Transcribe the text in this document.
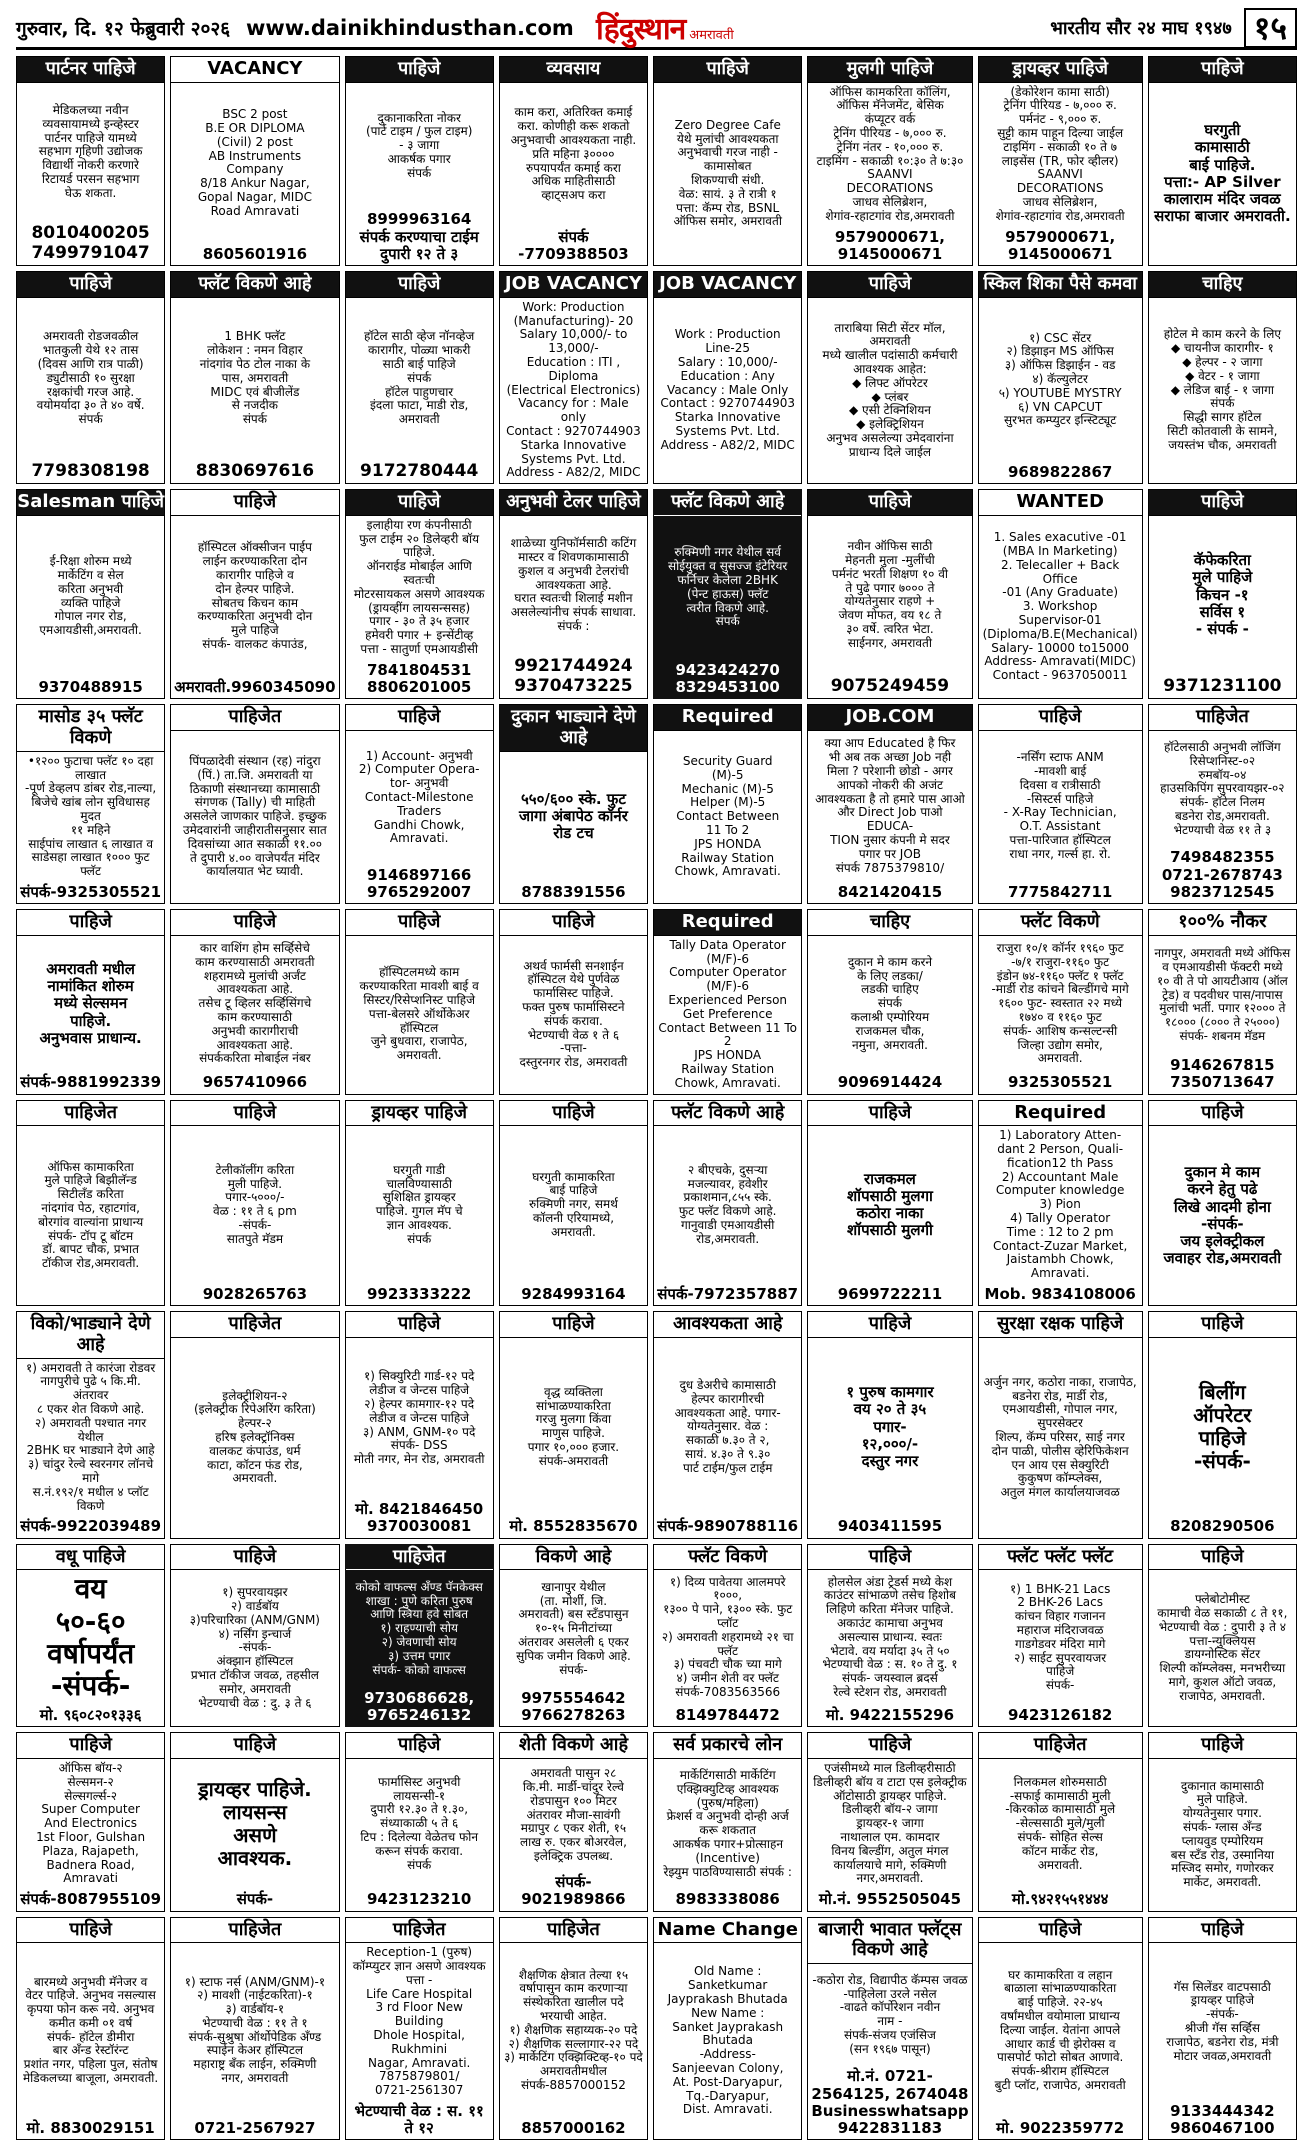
गुरुवार, दि. १२ फेब्रुवारी २०२६ www.dainikhindusthan.com हिंदुस्थान अमरावती	भारतीय सौर २४ माघ १९४७ १५
पार्टनर पाहिजे
मेडिकलच्या नवीन
व्यवसायामध्ये इन्व्हेस्टर
पार्टनर पाहिजे यामध्ये
सहभाग गृहिणी उद्योजक
विद्यार्थी नोकरी करणारे
रिटायर्ड परसन सहभाग
घेऊ शकता.
8010400205
7499791047
VACANCY
BSC 2 post
B.E OR DIPLOMA
(Civil) 2 post
AB Instruments
Company
8/18 Ankur Nagar,
Gopal Nagar, MIDC
Road Amravati
8605601916
पाहिजे
दुकानाकरिता नोकर
(पार्ट टाइम / फुल टाइम)
- ३ जागा
आकर्षक पगार
संपर्क
8999963164
संपर्क करण्याचा टाईम
दुपारी १२ ते ३
व्यवसाय
काम करा, अतिरिक्त कमाई
करा. कोणीही करू शकतो
अनुभवाची आवश्यकता नाही.
प्रति महिना ३००००
रुपयापर्यंत कमाई करा
अधिक माहितीसाठी
व्हाट्सअप करा
संपर्क -7709388503
पाहिजे
Zero Degree Cafe
येथे मुलांची आवश्यकता
अनुभवाची गरज नाही -
कामासोबत
शिकण्याची संधी.
वेळ: सायं. ३ ते रात्री १
पत्ता: कॅम्प रोड, BSNL
ऑफिस समोर, अमरावती
मुलगी पाहिजे
ऑफिस कामकरिता कॉलिंग,
ऑफिस मॅनेजमेंट, बेसिक
कंप्यूटर वर्क
ट्रेनिंग पीरियड - ७,००० रु.
ट्रेनिंग नंतर - १०,००० रु.
टाइमिंग - सकाळी १०:३० ते ७:३०
SAANVI
DECORATIONS
जाधव सेलिब्रेशन,
शेगांव-रहाटगांव रोड,अमरावती
9579000671, 9145000671
ड्रायव्हर पाहिजे
(डेकोरेशन कामा साठी)
ट्रेनिंग पीरियड - ७,००० रु.
पर्मनंट - ९,००० रु.
सुट्टी काम पाहून दिल्या जाईल
टाइमिंग - सकाळी १० ते ७
लाइसेंस (TR, फोर व्हीलर)
SAANVI
DECORATIONS
जाधव सेलिब्रेशन,
शेगांव-रहाटगांव रोड,अमरावती
9579000671, 9145000671
पाहिजे
घरगुती
कामासाठी
बाई पाहिजे.
पत्ता:- AP Silver
कालाराम मंदिर जवळ
सराफा बाजार अमरावती.
पाहिजे
अमरावती रोडजवळील
भातकुली येथे १२ तास
(दिवस आणि रात्र पाळी)
ड्युटीसाठी १० सुरक्षा
रक्षकांची गरज आहे.
वयोमर्यादा ३० ते ४० वर्षे.
संपर्क
7798308198
फ्लॅट विकणे आहे
1 BHK फ्लॅट
लोकेशन : नमन विहार
नांदगांव पेठ टोल नाका के
पास, अमरावती
MIDC एवं बीजीलेंड
से नजदीक
संपर्क
8830697616
पाहिजे
हॉटेल साठी व्हेज नॉनव्हेज
कारागीर, पोळ्या भाकरी
साठी बाई पाहिजे
संपर्क
हॉटेल पाहुणचार
इंदला फाटा, माडी रोड,
अमरावती
9172780444
JOB VACANCY
Work: Production
(Manufacturing)- 20
Salary 10,000/- to 13,000/-
Education : ITI , Diploma
(Electrical Electronics)
Vacancy for : Male only
Contact : 9270744903
Starka Innovative
Systems Pvt. Ltd.
Address - A82/2, MIDC
JOB VACANCY
Work : Production
Line-25
Salary : 10,000/-
Education : Any
Vacancy : Male Only
Contact : 9270744903
Starka Innovative
Systems Pvt. Ltd.
Address - A82/2, MIDC
पाहिजे
ताराबिया सिटी सेंटर मॉल, अमरावती
मध्ये खालील पदांसाठी कर्मचारी
आवश्यक आहेत:
◆ लिफ्ट ऑपरेटर
◆ प्लंबर
◆ एसी टेक्निशियन
◆ इलेक्ट्रिशियन
अनुभव असलेल्या उमेदवारांना
प्राधान्य दिले जाईल
स्किल शिका पैसे कमवा
१) CSC सेंटर
२) डिझाइन MS ऑफिस
३) ऑफिस डिझाईन - वड
४) कॅल्युलेटर
५) YOUTUBE MYSTRY
६) VN CAPCUT
सुरभत कम्प्युटर इन्स्टिट्यूट
9689822867
चाहिए
होटेल मे काम करने के लिए
◆ चायनीज कारागीर- १
◆ हेल्पर - २ जागा
◆ वेटर - १ जागा
◆ लेडिज बाई - १ जागा
संपर्क
सिद्धी सागर हॉटेल
सिटी कोतवाली के सामने,
जयस्तंभ चौक, अमरावती
Salesman पाहिजे
ई-रिक्षा शोरुम मध्ये
मार्केटिंग व सेल
करिता अनुभवी
व्यक्ति पाहिजे
गोपाल नगर रोड,
एमआयडीसी,अमरावती.
9370488915
पाहिजे
हॉस्पिटल ऑक्सीजन पाईप
लाईन करण्याकरिता दोन
कारागीर पाहिजे व
दोन हेल्पर पाहिजे.
सोबतच किचन काम
करण्याकरिता अनुभवी दोन
मुले पाहिजे
संपर्क- वालकट कंपाउंड,
अमरावती.9960345090
पाहिजे
इलाहीया रण कंपनीसाठी
फुल टाईम २० डिलेव्हरी बॉय पाहिजे.
ऑनराईड मोबाईल आणि स्वतःची
मोटरसायकल असणे आवश्यक
(ड्रायव्हींग लायसन्ससह)
पगार - ३० ते ३५ हजार
हमेवरी पगार + इन्सेंटीव्ह
पत्ता - सातुर्णा एमआयडीसी
7841804531
8806201005
अनुभवी टेलर पाहिजे
शाळेच्या युनिफॉर्मसाठी कटिंग
मास्टर व शिवणकामासाठी
कुशल व अनुभवी टेलरांची
आवश्यकता आहे.
घरात स्वतःची शिलाई मशीन
असलेल्यांनीच संपर्क साधावा.
संपर्क :
9921744924
9370473225
फ्लॅट विकणे आहे
रुक्मिणी नगर येथील सर्व
सोईयुक्त व सुसज्ज इंटेरियर
फर्निचर केलेला 2BHK
(पेन्ट हाऊस) फ्लॅट
त्वरीत विकणे आहे.
संपर्क
9423424270
8329453100
पाहिजे
नवीन ऑफिस साठी
मेहनती मुला -मुलींची
पर्मनंट भरती शिक्षण १० वी
ते पुढे पगार ७००० ते
योग्यतेनुसार राहणे +
जेवण मोफत, वय १८ ते
३० वर्षे. त्वरित भेटा.
साईनगर, अमरावती
9075249459
WANTED
1. Sales exacutive -01
(MBA In Marketing)
2. Telecaller + Back Office
-01 (Any Graduate)
3. Workshop
Supervisor-01
(Diploma/B.E(Mechanical)
Salary- 10000 to15000
Address- Amravati(MIDC)
Contact - 9637050011
पाहिजे
कॅफेकरिता
मुले पाहिजे
किचन -१
सर्विस १
- संपर्क -
9371231100
मासोड ३५ फ्लॅट विकणे
•१२०० फुटाचा फ्लॅट १० दहा
लाखात
-पूर्ण डेव्हलप डांबर रोड,नाल्या,
बिजेचे खांब लोन सुविधासह मुदत
११ महिने
साईपांच लाखात ६ लाखात व
साडेसहा लाखात १००० फुट
फ्लॅट
संपर्क-9325305521
पाहिजेत
पिंपळादेवी संस्थान (रह) नांदुरा
(पिं.) ता.जि. अमरावती या
ठिकाणी संस्थानच्या कामासाठी
संगणक (Tally) ची माहिती
असलेले जाणकार पाहिजे. इच्छुक
उमेदवारांनी जाहीरातीसनुसार सात
दिवसांच्या आत सकाळी ११.००
ते दुपारी ४.०० वाजेपर्यंत मंदिर
कार्यालयात भेट घ्यावी.
पाहिजे
1) Account- अनुभवी
2) Computer Opera-
tor- अनुभवी
Contact-Milestone
Traders
Gandhi Chowk,
Amravati.
9146897166
9765292007
दुकान भाड्याने देणे आहे
५५०/६०० स्के. फुट
जागा अंबापेठ कॉर्नर
रोड टच
8788391556
Required
Security Guard
(M)-5
Mechanic (M)-5
Helper (M)-5
Contact Between
11 To 2
JPS HONDA
Railway Station
Chowk, Amravati.
JOB.COM
क्या आप Educated है फिर
भी अब तक अच्छा Job नही
मिला ? परेशानी छोडो - अगर
आपको नोकरी की अजंट
आवश्यकता है तो हमारे पास आओ
और Direct Job पाओ EDUCA-
TION नुसार कंपनी मे सदर
पगार पर JOB
संपर्क 7875379810/
8421420415
पाहिजे
-नर्सिंग स्टाफ ANM
-मावशी बाई
दिवसा व रात्रीसाठी
-सिस्टर्स पाहिजे
- X-Ray Technician,
O.T. Assistant
पत्ता-पारिजात हॉस्पिटल
राधा नगर, गर्ल्स हा. रो.
7775842711
पाहिजेत
हॉटेलसाठी अनुभवी लॉजिंग
रिसेप्शनिस्ट-०२
रुमबॉय-०४
हाउसकिपिंग सुपरवायझर-०२
संपर्क- हॉटेल निलम
बडनेरा रोड,अमरावती.
भेटण्याची वेळ ११ ते ३
7498482355
0721-2678743
9823712545
पाहिजे
अमरावती मधील
नामांकित शोरुम
मध्ये सेल्समन
पाहिजे.
अनुभवास प्राधान्य.
संपर्क-9881992339
पाहिजे
कार वाशिंग होम सर्व्हिसेचे
काम करण्यासाठी अमरावती
शहरामध्ये मुलांची अर्जंट
आवश्यकता आहे.
तसेच टू व्हिलर सर्व्हिसिंगचे
काम करण्यासाठी
अनुभवी कारागीराची
आवश्यकता आहे.
संपर्ककरिता मोबाईल नंबर
9657410966
पाहिजे
हॉस्पिटलमध्ये काम
करण्याकरिता मावशी बाई व
सिस्टर/रिसेप्शनिस्ट पाहिजे
पत्ता-बेलसरे ऑर्थोकेअर
हॉस्पिटल
जुने बुधवारा, राजापेठ, अमरावती.
पाहिजे
अथर्व फार्मसी सनशाईन
हॉस्पिटल येथे पुर्णवेळ
फार्मासिस्ट पाहिजे.
फक्त पुरुष फार्मासिस्टने
संपर्क करावा.
भेटण्याची वेळ १ ते ६
-पत्ता-
दस्तुरनगर रोड, अमरावती
Required
Tally Data Operator
(M/F)-6
Computer Operator
(M/F)-6
Experienced Person
Get Preference
Contact Between 11 To 2
JPS HONDA
Railway Station
Chowk, Amravati.
चाहिए
दुकान मे काम करने
के लिए लडका/
लडकी चाहिए
संपर्क
कलाश्री एम्पोरियम
राजकमल चौक,
नमुना, अमरावती.
9096914424
फ्लॅट विकणे
राजुरा १०/१ कॉर्नर १९६० फुट
-७/१ राजुरा-११६० फुट
इंडोन ७४-११६० फ्लॅट १ फ्लॅट
-मार्डी रोड कांचने बिल्डींगचे मागे
१६०० फुट- स्वस्तात २२ मध्ये
१७४० व ११६० फुट
संपर्क- आशिष कन्सल्टन्सी
जिल्हा उद्योग समोर,
अमरावती.
9325305521
१००% नौकर
नागपुर, अमरावती मध्ये ऑफिस
व एमआयडीसी फॅक्टरी मध्ये
१० वी ते पो आयटीआय (ऑल
ट्रेड) व पदवीधर पास/नापास
मुलांची भर्ती. पगार १२००० ते
१८००० (८००० ते २५०००)
संपर्क- शबनम मॅडम
9146267815
7350713647
पाहिजेत
ऑफिस कामाकरिता
मुले पाहिजे बिझीलॅन्ड
सिटीलँड करिता
नांदगांव पेठ, रहाटगांव,
बोरगांव वाल्यांना प्राधान्य
संपर्क- टॉप टू बॉटम
डॉ. बापट चौक, प्रभात
टॉकीज रोड,अमरावती.
पाहिजे
टेलीकॉलींग करिता
मुली पाहिजे.
पगार-५०००/-
वेळ : ११ ते ६ pm
-संपर्क-
सातपुते मॅडम
9028265763
ड्रायव्हर पाहिजे
घरगुती गाडी
चालविण्यासाठी
सुशिक्षित ड्रायव्हर
पाहिजे. गुगल मॅप चे
ज्ञान आवश्यक.
संपर्क
9923333222
पाहिजे
घरगुती कामाकरिता
बाई पाहिजे
रुक्मिणी नगर, समर्थ
कॉलनी एरियामध्ये,
अमरावती.
9284993164
फ्लॅट विकणे आहे
२ बीएचके, दुसऱ्या
मजल्यावर, हवेशीर
प्रकाशमान,८५५ स्के.
फुट फ्लॅट विकणे आहे.
गानुवाडी एमआयडीसी
रोड,अमरावती.
संपर्क-7972357887
पाहिजे
राजकमल
शॉपसाठी मुलगा
कठोरा नाका
शॉपसाठी मुलगी
9699722211
Required
1) Laboratory Atten-
dant 2 Person, Quali-
fication12 th Pass
2) Accountant Male
Computer knowledge
3) Pion
4) Tally Operator
Time : 12 to 2 pm
Contact-Zuzar Market,
Jaistambh Chowk,
Amravati.
Mob. 9834108006
पाहिजे
दुकान मे काम
करने हेतु पढे
लिखे आदमी होना
-संपर्क-
जय इलेक्ट्रीकल
जवाहर रोड,अमरावती
विको/भाड्याने देणे आहे
१) अमरावती ते कारंजा रोडवर
नागपुरीचे पुढे ५ कि.मी. अंतरावर
८ एकर शेत विकणे आहे.
२) अमरावती पश्चात नगर येथील
2BHK घर भाड्याने देणे आहे
३) चांदुर रेल्वे स्वरनगर लॉनचे मागे
स.नं.१९२/१ मधील ४ प्लॉट विकणे
संपर्क-9922039489
पाहिजेत
इलेक्ट्रीशियन-२
(इलेक्ट्रीक रिपेअरिंग करिता)
हेल्पर-२
हरिष इलेक्ट्रॉनिक्स
वालकट कंपाउंड, धर्म
काटा, कॉटन फंड रोड,
अमरावती.
पाहिजे
१) सिक्युरिटी गार्ड-१२ पदे
लेडीज व जेन्टस पाहिजे
२) हेल्पर कामगार-१२ पदे
लेडीज व जेन्टस पाहिजे
३) ANM, GNM-१० पदे
संपर्क- DSS
मोती नगर, मेन रोड, अमरावती
मो. 8421846450
9370030081
पाहिजे
वृद्ध व्यक्तिला
सांभाळण्याकरिता
गरजु मुलगा किंवा
माणुस पाहिजे.
पगार १०,००० हजार.
संपर्क-अमरावती
मो. 8552835670
आवश्यकता आहे
दुध डेअरीचे कामासाठी
हेल्पर कारागीरची
आवश्यकता आहे. पगार-
योग्यतेनुसार. वेळ :
सकाळी ७.३० ते २,
सायं. ४.३० ते ९.३०
पार्ट टाईम/फुल टाईम
संपर्क-9890788116
पाहिजे
१ पुरुष कामगार
वय २० ते ३५
पगार-
१२,०००/-
दस्तुर नगर
9403411595
सुरक्षा रक्षक पाहिजे
अर्जुन नगर, कठोरा नाका, राजापेठ,
बडनेरा रोड, मार्डी रोड,
एमआयडीसी, गोपाल नगर, सुपरसेक्टर
शिल्प, कॅम्प परिसर, साई नगर
दोन पाळी, पोलीस व्हेरिफिकेशन
एन आय एस सेक्युरिटी
कुकुषण कॉम्प्लेक्स,
अतुल मंगल कार्यालयाजवळ
पाहिजे
बिलींग
ऑपरेटर
पाहिजे
-संपर्क-
8208290506
वधू पाहिजे
वय
५०-६०
वर्षापर्यंत
-संपर्क-
मो. ९६०८२०१३३६
पाहिजे
१) सुपरवायझर
२) वार्डबॉय
३)परिचारिका (ANM/GNM)
४) नर्सिंग इन्चार्ज
-संपर्क-
अंक्झान हॉस्पिटल
प्रभात टॉकीज जवळ, तहसील
समोर, अमरावती
भेटण्याची वेळ : दु. ३ ते ६
पाहिजेत
कोको वाफल्स अँण्ड पॅनकेक्स
शाखा : पुणे करिता पुरुष
आणि स्त्रिया हवे सोबत
१) राहण्याची सोय
२) जेवणाची सोय
३) उत्तम पगार
संपर्क- कोको वाफल्स
9730686628, 9765246132
विकणे आहे
खानापुर येथील
(ता. मोर्शी, जि.
अमरावती) बस स्टँडपासुन
१०-१५ मिनीटांच्या
अंतरावर असलेली ६ एकर
सुपिक जमीन विकणे आहे.
संपर्क-
9975554642
9766278263
फ्लॅट विकणे
१) दिव्य पावेतया आलमपरे १०००,
१३०० पे पाने, १३०० स्के. फुट प्लॉट
२) अमरावती शहरामध्ये २१ चा फ्लॅट
३) पंचवटी चौक च्या मागे
४) जमीन शेती वर फ्लॅट
संपर्क-7083563566
8149784472
पाहिजे
होलसेल अंडा ट्रेडर्स मध्ये केश
काउंटर सांभाळणे तसेच हिशोब
लिहिणे करिता मॅनेजर पाहिजे.
अकाउंट कामाचा अनुभव
असल्यास प्राधान्य. स्वतः
भेटावे. वय मर्यादा ३५ ते ५०
भेटण्याची वेळ : स. १० ते दु. १
संपर्क- जयस्वाल ब्रदर्स
रेल्वे स्टेशन रोड, अमरावती
मो. 9422155296
फ्लॅट फ्लॅट फ्लॅट
१) 1 BHK-21 Lacs
2 BHK-26 Lacs
कांचन विहार गजानन
महाराज मंदिराजवळ
गाडगेडवर मंदिरा मागे
२) साईट सुपरवायजर
पाहिजे
संपर्क-
9423126182
पाहिजे
फ्लेबोटोमीस्ट
कामाची वेळ सकाळी ८ ते ११,
भेटण्याची वेळ : दुपारी ३ ते ४
पत्ता-न्युक्लियस
डायग्नोस्टिक सेंटर
शिल्पी कॉम्प्लेक्स, मनभरीच्या
मागे, कुशल ऑटो जवळ,
राजापेठ, अमरावती.
पाहिजे
ऑफिस बॉय-२
सेल्समन-२
सेल्सगर्ल्स-२
Super Computer
And Electronics
1st Floor, Gulshan
Plaza, Rajapeth,
Badnera Road,
Amravati
संपर्क-8087955109
पाहिजे
ड्रायव्हर पाहिजे.
लायसन्स
असणे
आवश्यक.
संपर्क-
पाहिजे
फार्मासिस्ट अनुभवी
लायसन्सी-१
दुपारी १२.३० ते १.३०,
संध्याकाळी ५ ते ६
टिप : दिलेल्या वेळेतच फोन
करून संपर्क करावा.
संपर्क
9423123210
शेती विकणे आहे
अमरावती पासुन २८
कि.मी. मार्डी-चांदुर रेल्वे
रोडपासुन १०० मिटर
अंतरावर मौजा-सावंगी
मग्रापुर ८ एकर शेती, १५
लाख रु. एकर बोअरवेल,
इलेक्ट्रिक उपलब्ध.
संपर्क- 9021989866
सर्व प्रकारचे लोन
मार्केटिंगसाठी मार्केटिंग
एक्झिक्युटिव्ह आवश्यक
(पुरुष/महिला)
फ्रेशर्स व अनुभवी दोन्ही अर्ज
करू शकतात
आकर्षक पगार+प्रोत्साहन
(Incentive)
रेझ्युम पाठविण्यासाठी संपर्क :
8983338086
पाहिजे
एजंसीमध्ये माल डिलीव्हरीसाठी
डिलीव्हरी बॉय व टाटा एस इलेक्ट्रीक
ऑटोसाठी ड्रायव्हर पाहिजे.
डिलीव्हरी बॉय-२ जागा
ड्रायव्हर-१ जागा
नाथालाल एम. कामदार
विनय बिल्डींग, अतुल मंगल
कार्यालयाचे मागे, रुक्मिणी
नगर,अमरावती.
मो.नं. 9552505045
पाहिजेत
निलकमल शोरुमसाठी
-सफाई कामासाठी मुली
-किरकोळ कामासाठी मुले
-सेल्ससाठी मुले/मुली
संपर्क- सोहित सेल्स
कॉटन मार्केट रोड,
अमरावती.
मो.९४२१५५१४४४
पाहिजे
दुकानात कामासाठी
मुले पाहिजे.
योग्यतेनुसार पगार.
संपर्क- ग्लास अँन्ड
प्लायवुड एम्पोरियम
बस स्टँड रोड, उस्मानिया
मस्जिद समोर, गणोरकर
मार्केट, अमरावती.
पाहिजे
बारमध्ये अनुभवी मॅनेजर व
वेटर पाहिजे. अनुभव नसल्यास
कृपया फोन करू नये. अनुभव
कमीत कमी ०१ वर्ष
संपर्क- हॉटेल डीमीरा
बार अँन्ड रेस्टॉरंन्ट
प्रशांत नगर, पहिला पुल, संतोष
मेडिकलच्या बाजूला, अमरावती.
मो. 8830029151
पाहिजेत
१) स्टाफ नर्स (ANM/GNM)-१
२) मावशी (नाईटकरिता)-१
३) वार्डबॉय-१
भेटण्याची वेळ : ११ ते १
संपर्क-सुश्रुषा ऑर्थोपेडिक अँण्ड
स्पाईन केअर हॉस्पिटल
महाराष्ट्र बँक लाईन, रुक्मिणी
नगर, अमरावती
0721-2567927
पाहिजेत
Reception-1 (पुरुष)
कॉम्प्युटर ज्ञान असणे आवश्यक
पत्ता -
Life Care Hospital
3 rd Floor New Building
Dhole Hospital, Rukhmini
Nagar, Amravati.
7875879801/
0721-2561307
भेटण्याची वेळ : स. ११ ते १२
पाहिजेत
शैक्षणिक क्षेत्रात तेल्या १५
वर्षापासुन काम करणाऱ्या
संस्थेकरिता खालील पदे
भरयाची आहेत.
१) शैक्षणिक सहाय्यक-२० पदे
२) शैक्षणिक सल्लागार-२२ पदे
३) मार्केटिंग एक्झिक्टिव्ह-१० पदे
अमरावतीमधील संपर्क-8857000152
8857000162
Name Change
Old Name :
Sanketkumar
Jayprakash Bhutada
New Name :
Sanket Jayprakash
Bhutada
-Address-
Sanjeevan Colony,
At. Post-Daryapur,
Tq.-Daryapur,
Dist. Amravati.
बाजारी भावात फ्लॅट्स विकणे आहे
-कठोरा रोड, विद्यापीठ कॅम्पस जवळ
-पाहिलेला उरले नसेल
-वाढते कॉर्पोरेशन नवीन
नाम -
संपर्क-संजय एजंसिज
(सन १९६७ पासून)
मो.नं. 0721-2564125, 2674048
Businesswhatsapp 9422831183
पाहिजे
घर कामाकरिता व लहान
बाळाला सांभाळण्याकरिता
बाई पाहिजे. २२-४५
वर्षांमधील वयोमाला प्राधान्य
दिल्या जाईल. येतांना आपले
आधार कार्ड ची झेरोक्स व
पासपोर्ट फोटो सोबत आणावे.
संपर्क-श्रीराम हॉस्पिटल
बुटी प्लॉट, राजापेठ, अमरावती
मो. 9022359772
पाहिजे
गॅस सिलेंडर वाटपसाठी
ड्रायव्हर पाहिजे
-संपर्क-
श्रीजी गॅस सर्व्हिस
राजापेठ, बडनेरा रोड, मंत्री
मोटार जवळ,अमरावती
9133444342
9860467100
